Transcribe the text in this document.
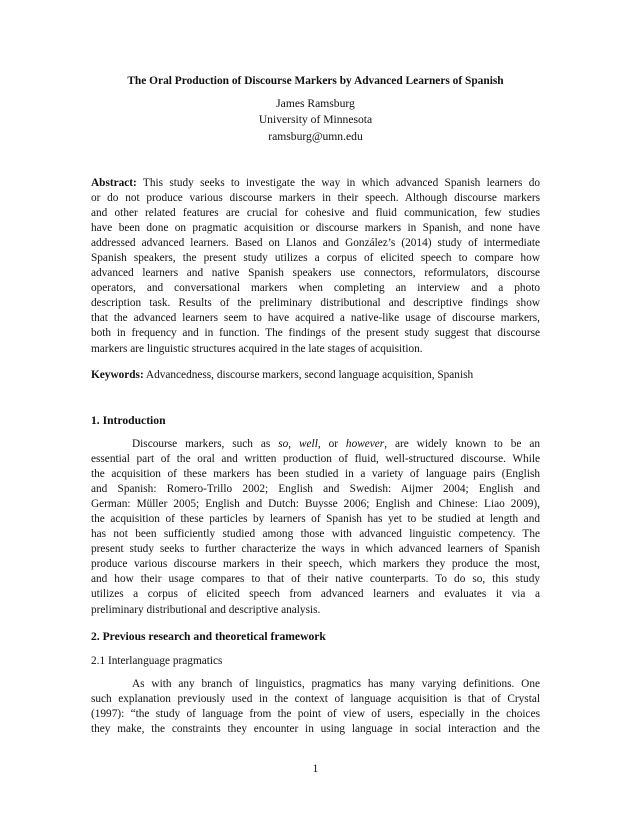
The Oral Production of Discourse Markers by Advanced Learners of Spanish
James Ramsburg
University of Minnesota
ramsburg@umn.edu
Abstract: This study seeks to investigate the way in which advanced Spanish learners do
or do not produce various discourse markers in their speech. Although discourse markers
and other related features are crucial for cohesive and fluid communication, few studies
have been done on pragmatic acquisition or discourse markers in Spanish, and none have
addressed advanced learners. Based on Llanos and González’s (2014) study of intermediate
Spanish speakers, the present study utilizes a corpus of elicited speech to compare how
advanced learners and native Spanish speakers use connectors, reformulators, discourse
operators, and conversational markers when completing an interview and a photo
description task. Results of the preliminary distributional and descriptive findings show
that the advanced learners seem to have acquired a native-like usage of discourse markers,
both in frequency and in function. The findings of the present study suggest that discourse
markers are linguistic structures acquired in the late stages of acquisition.
Keywords: Advancedness, discourse markers, second language acquisition, Spanish
1. Introduction
Discourse markers, such as so, well, or however, are widely known to be an
essential part of the oral and written production of fluid, well-structured discourse. While
the acquisition of these markers has been studied in a variety of language pairs (English
and Spanish: Romero-Trillo 2002; English and Swedish: Aijmer 2004; English and
German: Müller 2005; English and Dutch: Buysse 2006; English and Chinese: Liao 2009),
the acquisition of these particles by learners of Spanish has yet to be studied at length and
has not been sufficiently studied among those with advanced linguistic competency. The
present study seeks to further characterize the ways in which advanced learners of Spanish
produce various discourse markers in their speech, which markers they produce the most,
and how their usage compares to that of their native counterparts. To do so, this study
utilizes a corpus of elicited speech from advanced learners and evaluates it via a
preliminary distributional and descriptive analysis.
2. Previous research and theoretical framework
2.1 Interlanguage pragmatics
As with any branch of linguistics, pragmatics has many varying definitions. One
such explanation previously used in the context of language acquisition is that of Crystal
(1997): “the study of language from the point of view of users, especially in the choices
they make, the constraints they encounter in using language in social interaction and the
1
